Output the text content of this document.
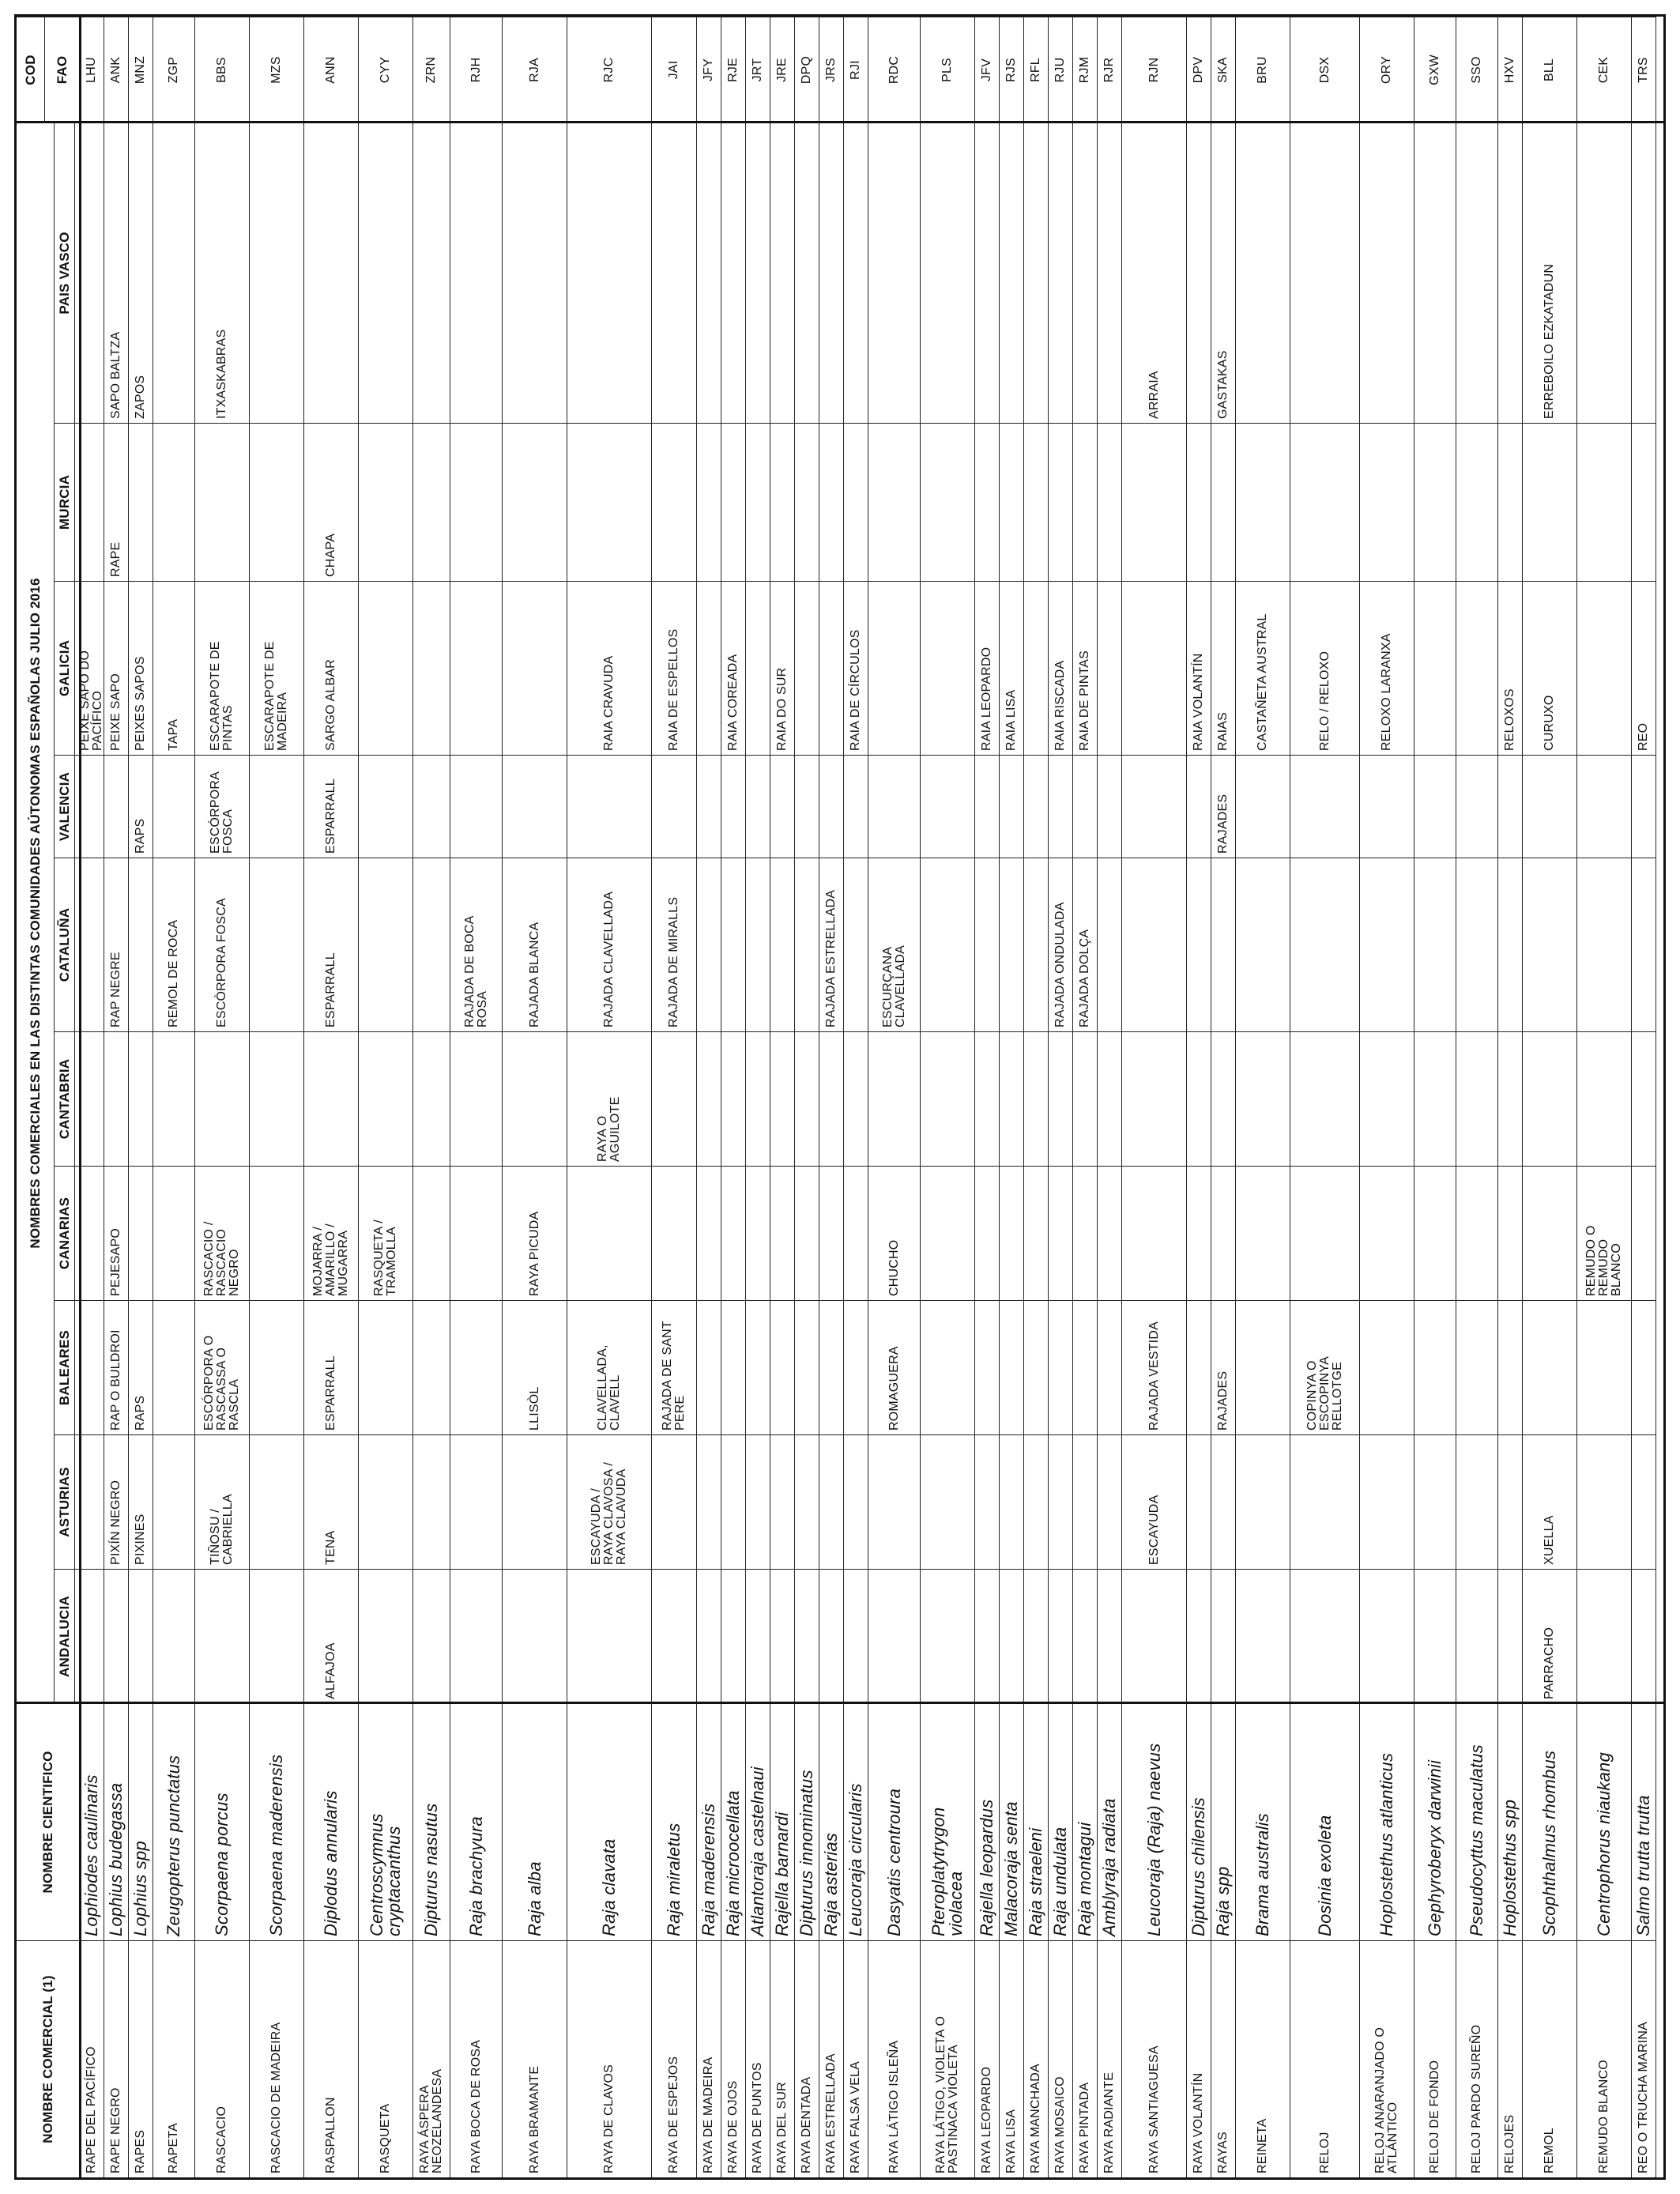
NOMBRE COMERCIAL (1)
NOMBRE CIENTIFICO
NOMBRES COMERCIALES EN LAS DISTINTAS COMUNIDADES AÚTONOMAS ESPAÑOLAS JULIO 2016
ANDALUCIA
ASTURIAS
BALEARES
CANARIAS
CANTABRIA
CATALUÑA
VALENCIA
GALICIA
MURCIA
PAIS VASCO
COD FAO
RAPE DEL PACÍFICO
Lophiodes caulinaris
PEIXE SAPO DO
PACÍFICO
LHU
RAPE NEGRO
Lophius budegassa
PIXÍN NEGRO
RAP O BULDROI
PEJESAPO
RAP NEGRE
PEIXE SAPO
RAPE
SAPO BALTZA
ANK
RAPES
Lophius spp
PIXINES
RAPS
RAPS
PEIXES SAPOS
ZAPOS
MNZ
RAPETA
Zeugopterus punctatus
REMOL DE ROCA
TAPA
ZGP
RASCACIO
Scorpaena porcus
TIÑOSU /
CABRIELLA
ESCÓRPORA O
RASCASSA O
RASCLA
RASCACIO /
RASCACIO
NEGRO
ESCÒRPORA FOSCA
ESCÓRPORA
FOSCA
ESCARAPOTE DE
PINTAS
ITXASKABRAS
BBS
RASCACIO DE MADEIRA
Scorpaena maderensis
ESCARAPOTE DE
MADEIRA
MZS
RASPALLON
Diplodus annularis
ALFAJOA
TENA
ESPARRALL
MOJARRA /
AMARILLO /
MUGARRA
ESPARRALL
ESPARRALL
SARGO ALBAR
CHAPA
ANN
RASQUETA
Centroscymnus
cryptacanthus
RASQUETA /
TRAMOLLA
CYY
RAYA ÁSPERA
NEOZELANDESA
Dipturus nasutus
ZRN
RAYA BOCA DE ROSA
Raja brachyura
RAJADA DE BOCA
ROSA
RJH
RAYA BRAMANTE
Raja alba
LLISÒL
RAYA PICUDA
RAJADA BLANCA
RJA
RAYA DE CLAVOS
Raja clavata
ESCAYUDA /
RAYA CLAVOSA /
RAYA CLAVUDA
CLAVELLADA,
CLAVELL
RAYA O
AGUILOTE
RAJADA CLAVELLADA
RAIA CRAVUDA
RJC
RAYA DE ESPEJOS
Raja miraletus
RAJADA DE SANT
PERE
RAJADA DE MIRALLS
RAIA DE ESPELLOS
JAI
RAYA DE MADEIRA
Raja maderensis
JFY
RAYA DE OJOS
Raja microocellata
RAIA COREADA
RJE
RAYA DE PUNTOS
Atlantoraja castelnaui
JRT
RAYA DEL SUR
Rajella barnardi
RAIA DO SUR
JRE
RAYA DENTADA
Dipturus innominatus
DPQ
RAYA ESTRELLADA
Raja asterias
RAJADA ESTRELLADA
JRS
RAYA FALSA VELA
Leucoraja circularis
RAIA DE CÍRCULOS
RJI
RAYA LÁTIGO ISLEÑA
Dasyatis centroura
ROMAGUERA
CHUCHO
ESCURÇANA
CLAVELLADA
RDC
RAYA LÁTIGO, VIOLETA O
PASTINACA VIOLETA
Pteroplatytrygon
violacea
PLS
RAYA LEOPARDO
Rajella leopardus
RAIA LEOPARDO
JFV
RAYA LISA
Malacoraja senta
RAIA LISA
RJS
RAYA MANCHADA
Raja straeleni
RFL
RAYA MOSAICO
Raja undulata
RAJADA ONDULADA
RAIA RISCADA
RJU
RAYA PINTADA
Raja montagui
RAJADA DOLÇA
RAIA DE PINTAS
RJM
RAYA RADIANTE
Amblyraja radiata
RJR
RAYA SANTIAGUESA
Leucoraja (Raja) naevus
ESCAYUDA
RAJADA VESTIDA
ARRAIA
RJN
RAYA VOLANTÍN
Dipturus chilensis
RAIA VOLANTÍN
DPV
RAYAS
Raja spp
RAJADES
RAJADES
RAIAS
GASTAKAS
SKA
REINETA
Brama australis
CASTAÑETA AUSTRAL
BRU
RELOJ
Dosinia exoleta
COPINYA O
ESCOPINYA
RELLOTGE
RELO / RELOXO
DSX
RELOJ ANARANJADO O
ATLÁNTICO
Hoplostethus atlanticus
RELOXO LARANXA
ORY
RELOJ DE FONDO
Gephyroberyx darwinii
GXW
RELOJ PARDO SUREÑO
Pseudocyttus maculatus
SSO
RELOJES
Hoplostethus spp
RELOXOS
HXV
REMOL
Scophthalmus rhombus
PARRACHO
XUELLA
CURUXO
ERREBOILO EZKATADUN
BLL
REMUDO BLANCO
Centrophorus niaukang
REMUDO O
REMUDO
BLANCO
CEK
REO O TRUCHA MARINA
Salmo trutta trutta
REO
TRS
